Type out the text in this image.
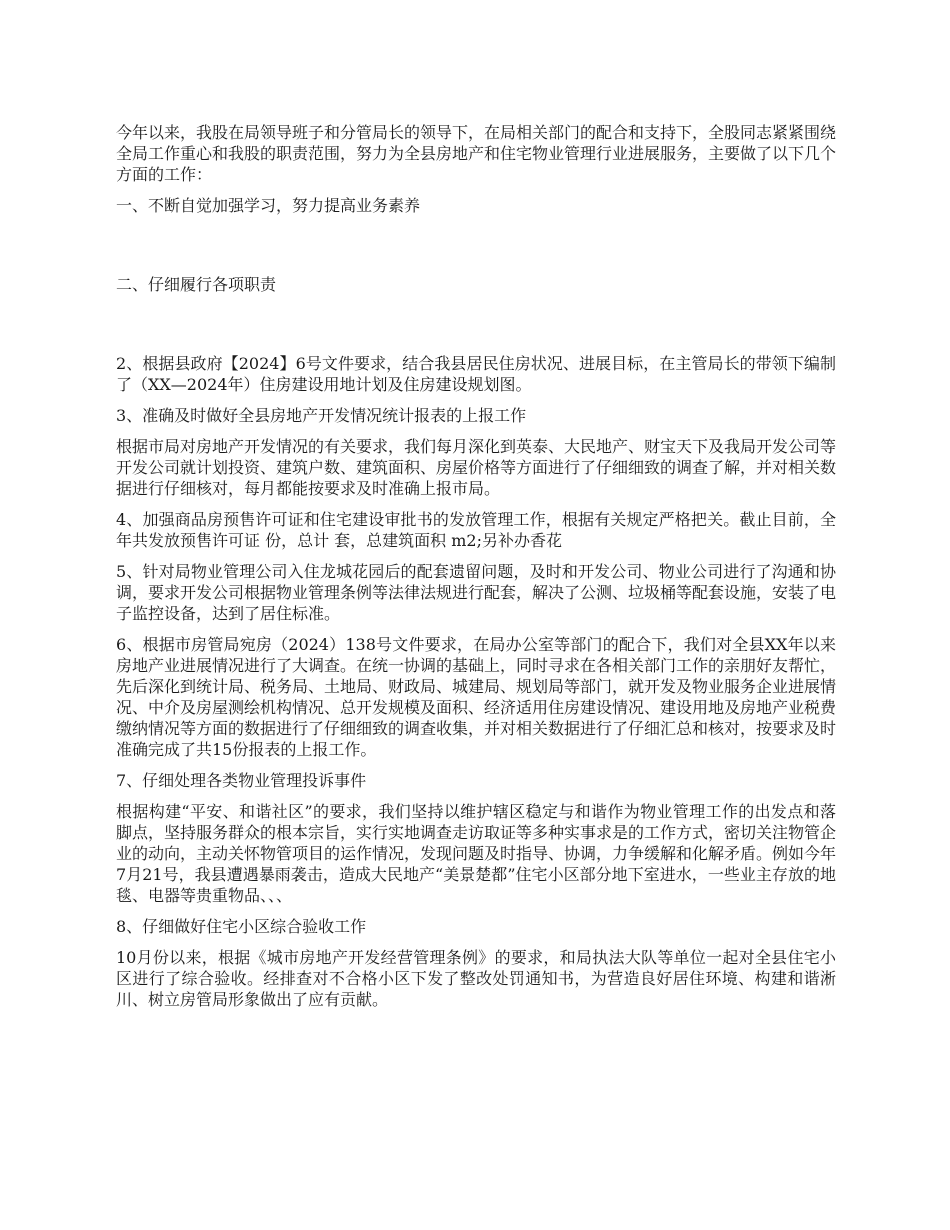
今年以来，我股在局领导班子和分管局长的领导下，在局相关部门的配合和支持下，全股同志紧紧围绕全局工作重心和我股的职责范围，努力为全县房地产和住宅物业管理行业进展服务，主要做了以下几个方面的工作：

一、不断自觉加强学习，努力提高业务素养

二、仔细履行各项职责

2、根据县政府【2024】6号文件要求，结合我县居民住房状况、进展目标，在主管局长的带领下编制了（XX—2024年）住房建设用地计划及住房建设规划图。

3、准确及时做好全县房地产开发情况统计报表的上报工作

根据市局对房地产开发情况的有关要求，我们每月深化到英泰、大民地产、财宝天下及我局开发公司等开发公司就计划投资、建筑户数、建筑面积、房屋价格等方面进行了仔细细致的调查了解，并对相关数据进行仔细核对，每月都能按要求及时准确上报市局。

4、加强商品房预售许可证和住宅建设审批书的发放管理工作，根据有关规定严格把关。截止目前，全年共发放预售许可证 份，总计 套，总建筑面积 m2;另补办香花

5、针对局物业管理公司入住龙城花园后的配套遗留问题，及时和开发公司、物业公司进行了沟通和协调，要求开发公司根据物业管理条例等法律法规进行配套，解决了公测、垃圾桶等配套设施，安装了电子监控设备，达到了居住标准。

6、根据市房管局宛房（2024）138号文件要求，在局办公室等部门的配合下，我们对全县XX年以来房地产业进展情况进行了大调查。在统一协调的基础上，同时寻求在各相关部门工作的亲朋好友帮忙，先后深化到统计局、税务局、土地局、财政局、城建局、规划局等部门，就开发及物业服务企业进展情况、中介及房屋测绘机构情况、总开发规模及面积、经济适用住房建设情况、建设用地及房地产业税费缴纳情况等方面的数据进行了仔细细致的调查收集，并对相关数据进行了仔细汇总和核对，按要求及时准确完成了共15份报表的上报工作。

7、仔细处理各类物业管理投诉事件

根据构建“平安、和谐社区”的要求，我们坚持以维护辖区稳定与和谐作为物业管理工作的出发点和落脚点，坚持服务群众的根本宗旨，实行实地调查走访取证等多种实事求是的工作方式，密切关注物管企业的动向，主动关怀物管项目的运作情况，发现问题及时指导、协调，力争缓解和化解矛盾。例如今年7月21号，我县遭遇暴雨袭击，造成大民地产“美景楚都”住宅小区部分地下室进水，一些业主存放的地毯、电器等贵重物品、、、

8、仔细做好住宅小区综合验收工作

10月份以来，根据《城市房地产开发经营管理条例》的要求，和局执法大队等单位一起对全县住宅小区进行了综合验收。经排查对不合格小区下发了整改处罚通知书，为营造良好居住环境、构建和谐淅川、树立房管局形象做出了应有贡献。
